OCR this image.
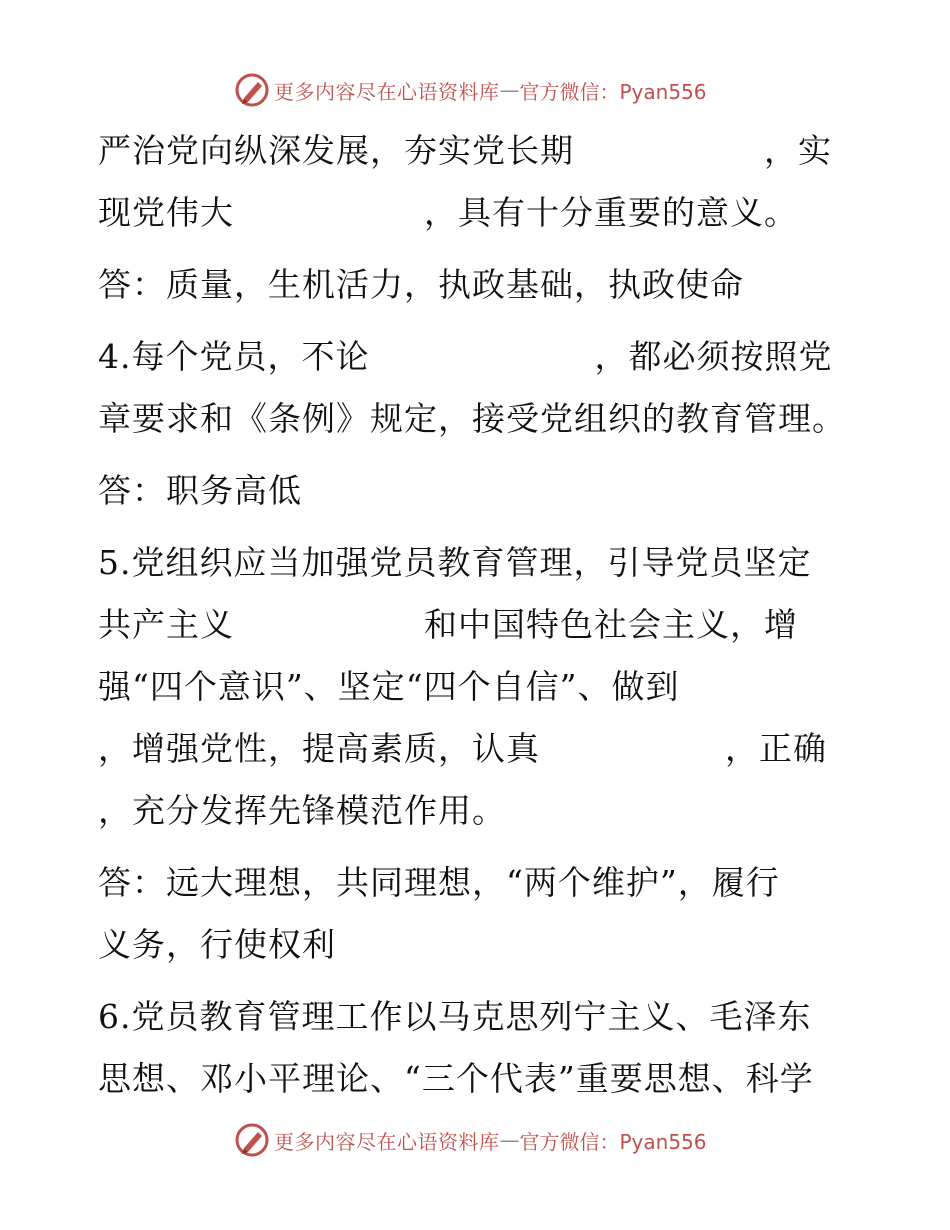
更多内容尽在心语资料库 — 官方微信：Pyan556
严治党向纵深发展，夯实党长期	，实
现党伟大	，具有十分重要的意义。
答：质量，生机活力，执政基础，执政使命
4.每个党员，不论	，都必须按照党
章要求和《条例》规定，接受党组织的教育管理。
答：职务高低
5.党组织应当加强党员教育管理，引导党员坚定
共产主义	和中国特色社会主义，增
强“四个意识”、坚定“四个自信”、做到
，增强党性，提高素质，认真	，正确
，充分发挥先锋模范作用。
答：远大理想，共同理想，“两个维护”，履行
义务，行使权利
6.党员教育管理工作以马克思列宁主义、毛泽东
思想、邓小平理论、“三个代表”重要思想、科学
更多内容尽在心语资料库 — 官方微信：Pyan556
